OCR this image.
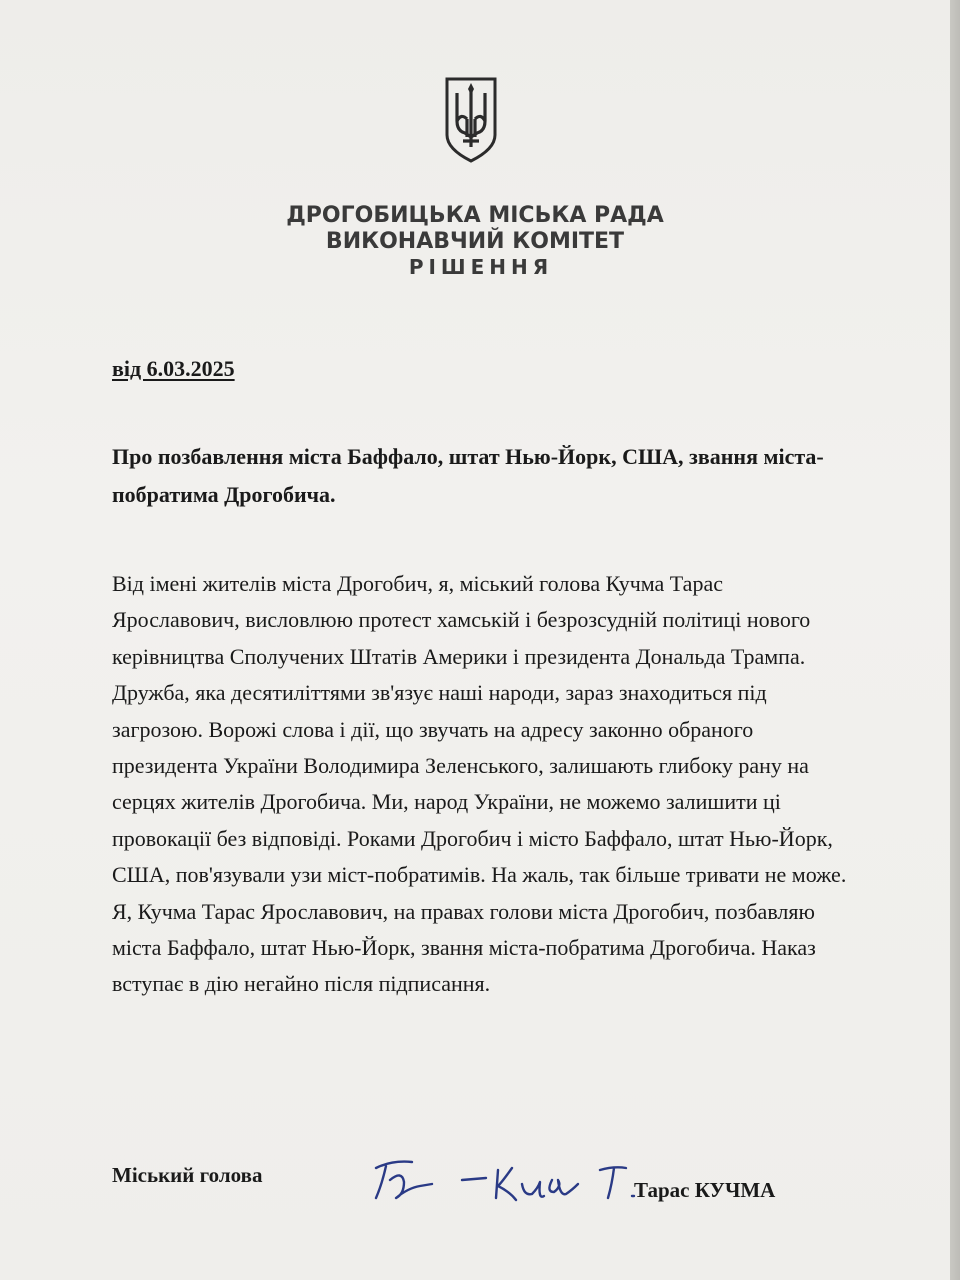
ДРОГОБИЦЬКА МІСЬКА РАДА
ВИКОНАВЧИЙ КОМІТЕТ
РІШЕННЯ
від 6.03.2025
Про позбавлення міста Баффало, штат Нью-Йорк, США, звання міста-
побратима Дрогобича.
Від імені жителів міста Дрогобич, я, міський голова Кучма Тарас
Ярославович, висловлюю протест хамській і безрозсудній політиці нового
керівництва Сполучених Штатів Америки і президента Дональда Трампа.
Дружба, яка десятиліттями зв'язує наші народи, зараз знаходиться під
загрозою. Ворожі слова і дії, що звучать на адресу законно обраного
президента України Володимира Зеленського, залишають глибоку рану на
серцях жителів Дрогобича. Ми, народ України, не можемо залишити ці
провокації без відповіді. Роками Дрогобич і місто Баффало, штат Нью-Йорк,
США, пов'язували узи міст-побратимів. На жаль, так більше тривати не може.
Я, Кучма Тарас Ярославович, на правах голови міста Дрогобич, позбавляю
міста Баффало, штат Нью-Йорк, звання міста-побратима Дрогобича. Наказ
вступає в дію негайно після підписання.
Міський голова
Тарас КУЧМА
